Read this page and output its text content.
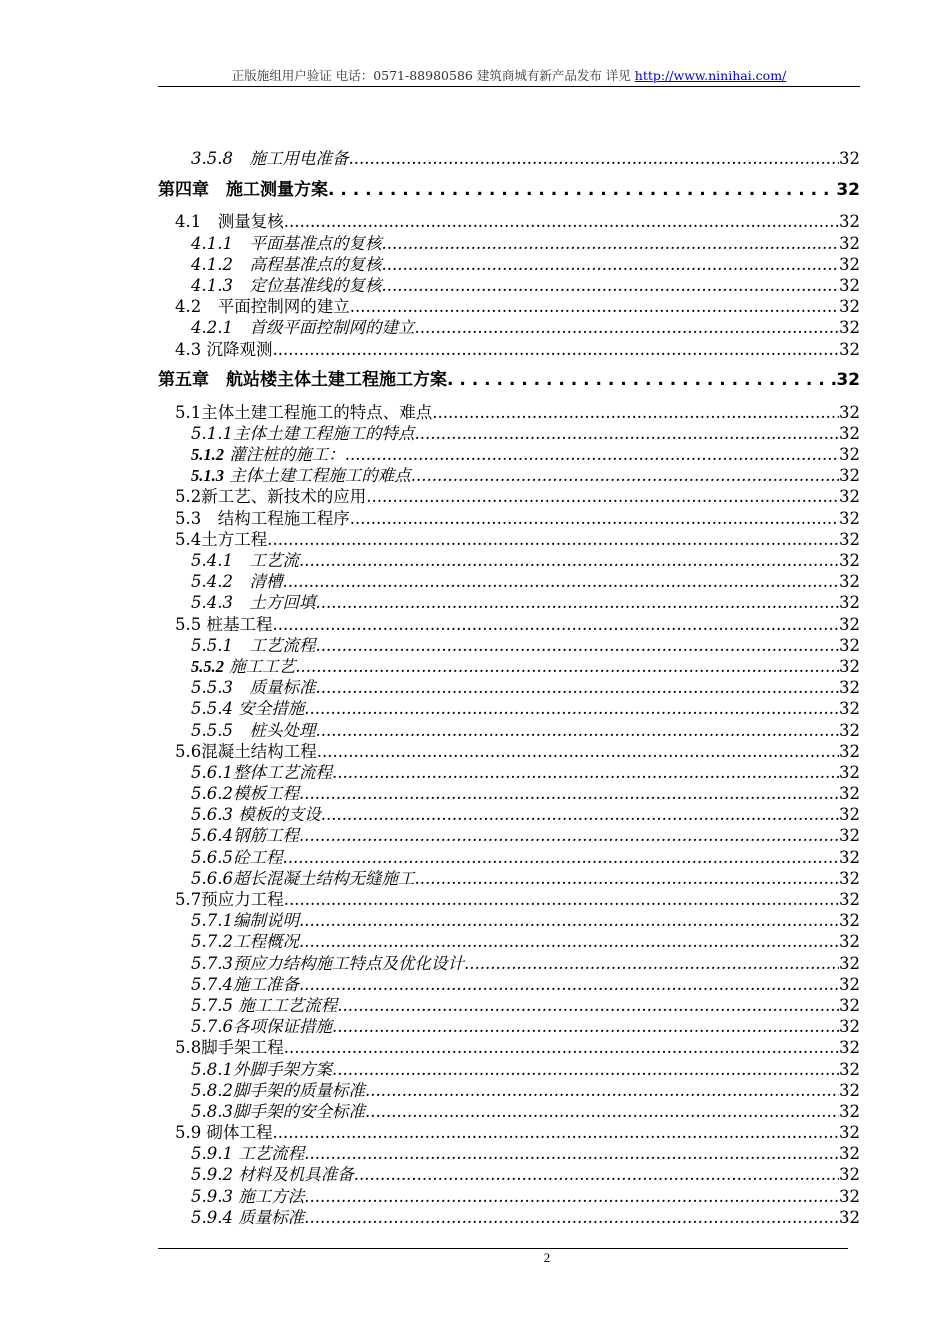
正版施组用户验证 电话：0571-88980586 建筑商城有新产品发布 详见 http://www.ninihai.com/
3.5.8　施工用电准备 .....	32
第四章　施工测量方案 . . .	32
4.1　测量复核 .....	32
4.1.1　平面基准点的复核 .....	32
4.1.2　高程基准点的复核 .....	32
4.1.3　定位基准线的复核 .....	32
4.2　平面控制网的建立 .....	32
4.2.1　首级平面控制网的建立 .....	32
4.3 沉降观测 .....	32
第五章　航站楼主体土建工程施工方案 . . .	32
5.1主体土建工程施工的特点、难点 .....	32
5.1.1主体土建工程施工的特点 .....	32
5.1.2 灌注桩的施工： .....	32
5.1.3 主体土建工程施工的难点 .....	32
5.2新工艺、新技术的应用 .....	32
5.3　结构工程施工程序 .....	32
5.4土方工程 .....	32
5.4.1　工艺流 .....	32
5.4.2　清槽 .....	32
5.4.3　土方回填 .....	32
5.5 桩基工程 .....	32
5.5.1　工艺流程 .....	32
5.5.2 施工工艺 .....	32
5.5.3　质量标准 .....	32
5.5.4 安全措施 .....	32
5.5.5　桩头处理 .....	32
5.6混凝土结构工程 .....	32
5.6.1整体工艺流程 .....	32
5.6.2模板工程 .....	32
5.6.3 模板的支设 .....	32
5.6.4钢筋工程 .....	32
5.6.5砼工程 .....	32
5.6.6超长混凝土结构无缝施工 .....	32
5.7预应力工程 .....	32
5.7.1编制说明 .....	32
5.7.2工程概况 .....	32
5.7.3预应力结构施工特点及优化设计 .....	32
5.7.4施工准备 .....	32
5.7.5 施工工艺流程 .....	32
5.7.6各项保证措施 .....	32
5.8脚手架工程 .....	32
5.8.1外脚手架方案 .....	32
5.8.2脚手架的质量标准 .....	32
5.8.3脚手架的安全标准 .....	32
5.9 砌体工程 .....	32
5.9.1 工艺流程 .....	32
5.9.2 材料及机具准备 .....	32
5.9.3 施工方法 .....	32
5.9.4 质量标准 .....	32
2
